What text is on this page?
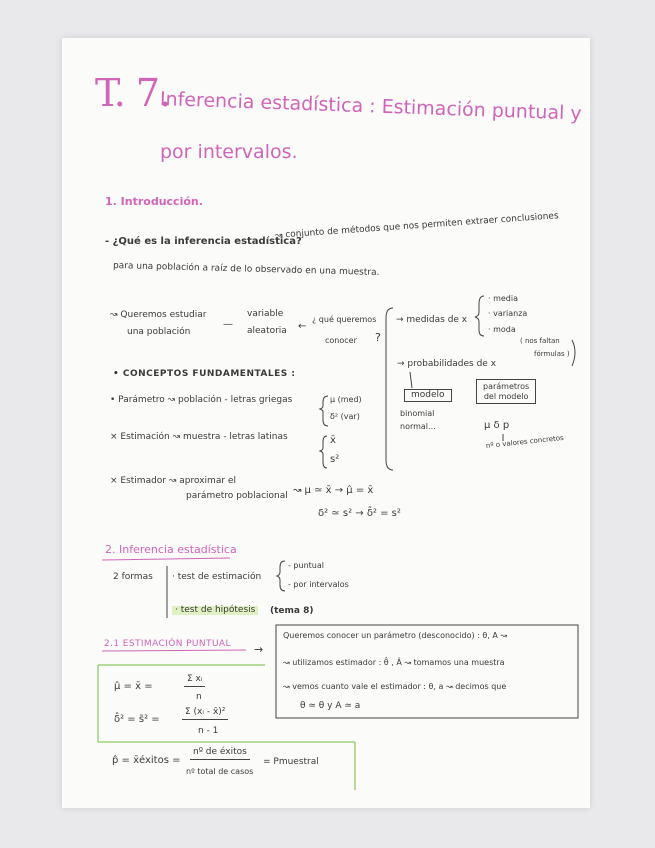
T. 7.
Inferencia estadística : Estimación puntual y
por intervalos.
1. Introducción.
- ¿Qué es la inferencia estadística?
↝ conjunto de métodos que nos permiten extraer conclusiones
para una población a raíz de lo observado en una muestra.
↝ Queremos estudiar
una población
—
variable
aleatoria ←
¿ qué queremos
conocer ?
→ medidas de x
· media
· varianza
· moda
→ probabilidades de x
( nos faltan
fórmulas )
modelo
binomial
normal...
parámetros
del modelo
μ δ p
nº o valores concretos
• CONCEPTOS FUNDAMENTALES :
• Parámetro ↝ población - letras griegas	μ (med)
δ² (var)
× Estimación ↝ muestra - letras latinas	x̄
s²
× Estimador ↝ aproximar el
parámetro poblacional ↝ μ ≃ x̄ → μ̂ = x̄
δ² ≃ s² → δ̂² = s²
2. Inferencia estadística
2 formas · test de estimación
- puntual
- por intervalos
· test de hipótesis	(tema 8)
2.1 ESTIMACIÓN PUNTUAL →
Queremos conocer un parámetro (desconocido) : θ, A ↝
↝ utilizamos estimador : θ̂ , Â ↝ tomamos una muestra
↝ vemos cuanto vale el estimador : θ, a ↝ decimos que
θ ≃ θ y A ≃ a
μ̂ = x̄ =
Σ xᵢ
n
δ̂² = s̃² =
Σ (xᵢ - x̄)²
n - 1
p̂ = x̄éxitos =
nº de éxitos
nº total de casos
= Pmuestral
